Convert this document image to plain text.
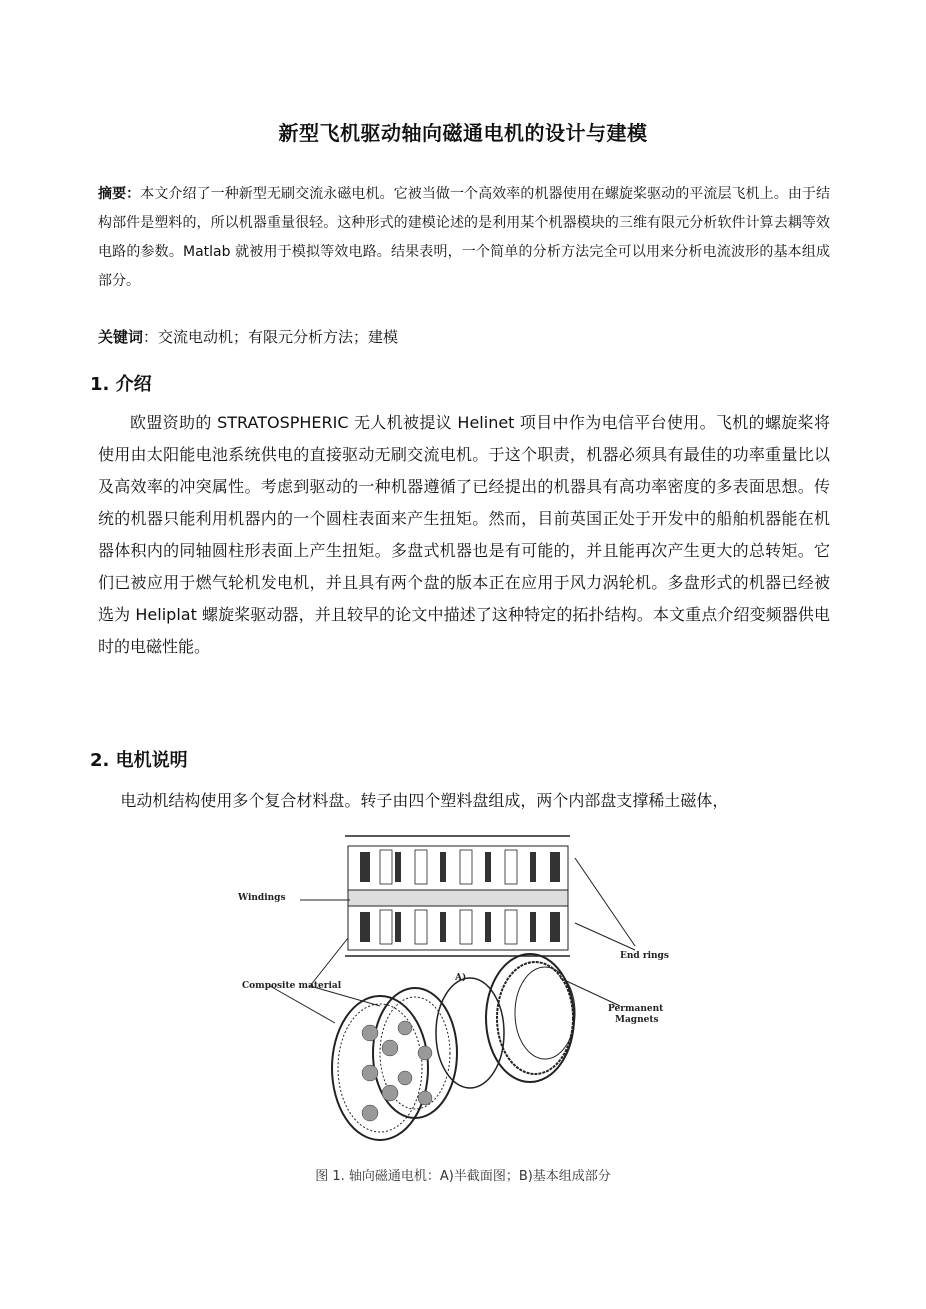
新型飞机驱动轴向磁通电机的设计与建模
摘要：本文介绍了一种新型无刷交流永磁电机。它被当做一个高效率的机器使用在螺旋桨驱动的平流层飞机上。由于结构部件是塑料的，所以机器重量很轻。这种形式的建模论述的是利用某个机器模块的三维有限元分析软件计算去耦等效电路的参数。Matlab 就被用于模拟等效电路。结果表明，一个简单的分析方法完全可以用来分析电流波形的基本组成部分。
关键词：交流电动机；有限元分析方法；建模
1. 介绍
欧盟资助的 STRATOSPHERIC 无人机被提议 Helinet 项目中作为电信平台使用。飞机的螺旋桨将使用由太阳能电池系统供电的直接驱动无刷交流电机。于这个职责，机器必须具有最佳的功率重量比以及高效率的冲突属性。考虑到驱动的一种机器遵循了已经提出的机器具有高功率密度的多表面思想。传统的机器只能利用机器内的一个圆柱表面来产生扭矩。然而，目前英国正处于开发中的船舶机器能在机器体积内的同轴圆柱形表面上产生扭矩。多盘式机器也是有可能的，并且能再次产生更大的总转矩。它们已被应用于燃气轮机发电机，并且具有两个盘的版本正在应用于风力涡轮机。多盘形式的机器已经被选为 Heliplat 螺旋桨驱动器，并且较早的论文中描述了这种特定的拓扑结构。本文重点介绍变频器供电时的电磁性能。
2. 电机说明
电动机结构使用多个复合材料盘。转子由四个塑料盘组成，两个内部盘支撑稀土磁体，
Windings
End rings
Composite material
A)
Permanent
Magnets
图 1. 轴向磁通电机：A)半截面图；B)基本组成部分
